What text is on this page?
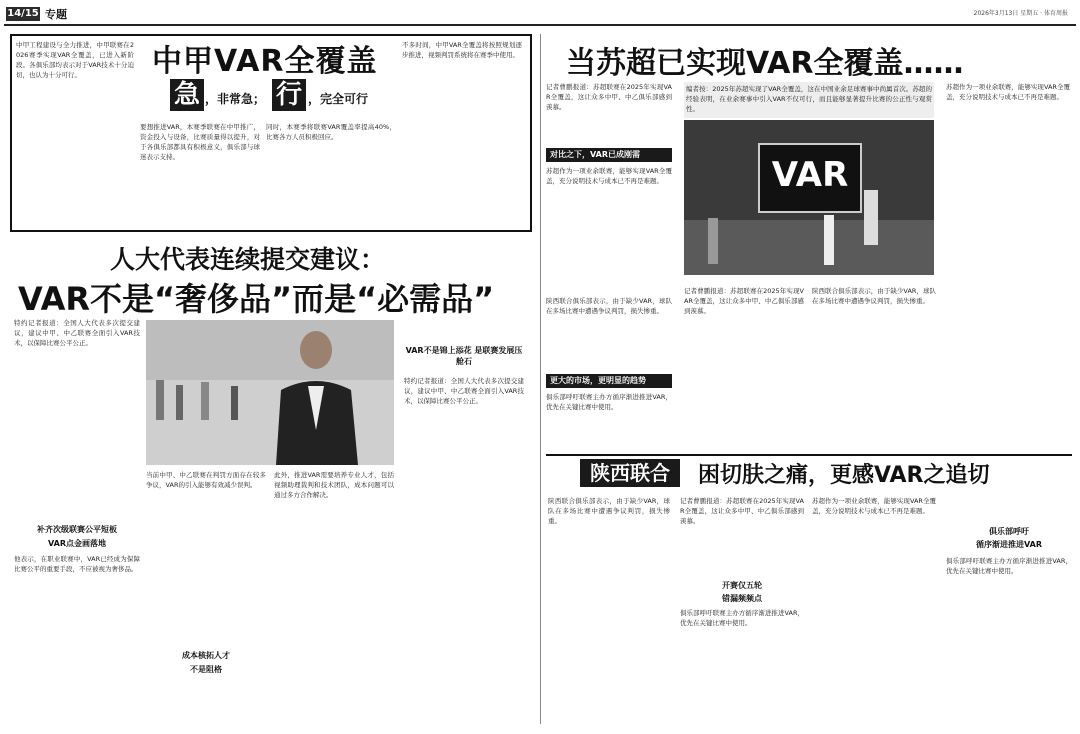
14/15 专题	2026年3月13日 星期五 · 体育周报
中甲工程建设与全力推进，中甲联赛在2026赛季实现VAR全覆盖，已进入新阶段。各俱乐部均表示对于VAR技术十分迫切，也认为十分可行。	中甲VAR全覆盖
急 ，非常急； 行 ，完全可行
要想推进VAR，本赛季联赛在中甲推广，资金投入与设备，比赛质量得以提升，对于各俱乐部都具有积极意义，俱乐部与球迷表示支持。
同时，本赛季将联赛VAR覆盖率提高40%，比赛各方人员积极回应。
不多时间，中甲VAR全覆盖将按照规划逐步推进，视频判罚系统将在赛季中使用。
人大代表连续提交建议：
VAR不是“奢侈品”而是“必需品”
特约记者报道：全国人大代表多次提交建议，建议中甲、中乙联赛全面引入VAR技术，以保障比赛公平公正。
补齐次级联赛公平短板
VAR点金画落地
他表示，在职业联赛中，VAR已经成为保障比赛公平的重要手段，不应被视为奢侈品。
当前中甲、中乙联赛在判罚方面存在较多争议，VAR的引入能够有效减少误判。
成本核拓人才
不是阻格
此外，推进VAR需要培养专业人才，包括视频助理裁判和技术团队，成本问题可以通过多方合作解决。
VAR不是锦上添花 是联赛发展压舱石
特约记者报道：全国人大代表多次提交建议，建议中甲、中乙联赛全面引入VAR技术，以保障比赛公平公正。
当苏超已实现VAR全覆盖……
记者曹鹏报道：苏超联赛在2025年实现VAR全覆盖，这让众多中甲、中乙俱乐部感到羡慕。
对比之下，VAR已成刚需
苏超作为一项业余联赛，能够实现VAR全覆盖，充分说明技术与成本已不再是难题。
编者按：2025年苏超实现了VAR全覆盖，这在中国业余足球赛事中尚属首次。苏超的经验表明，在业余赛事中引入VAR不仅可行，而且能够显著提升比赛的公正性与观赏性。
VAR
苏超作为一项业余联赛，能够实现VAR全覆盖，充分说明技术与成本已不再是难题。
陕西联合俱乐部表示，由于缺少VAR，球队在多场比赛中遭遇争议判罚，损失惨重。
更大的市场，更明显的趋势
俱乐部呼吁联赛主办方循序渐进推进VAR，优先在关键比赛中使用。
记者曹鹏报道：苏超联赛在2025年实现VAR全覆盖，这让众多中甲、中乙俱乐部感到羡慕。
陕西联合俱乐部表示，由于缺少VAR，球队在多场比赛中遭遇争议判罚，损失惨重。
陕西联合	困切肤之痛，更感VAR之追切
陕西联合俱乐部表示，由于缺少VAR，球队在多场比赛中遭遇争议判罚，损失惨重。
记者曹鹏报道：苏超联赛在2025年实现VAR全覆盖，这让众多中甲、中乙俱乐部感到羡慕。
开赛仅五轮
错漏频频点
俱乐部呼吁联赛主办方循序渐进推进VAR，优先在关键比赛中使用。
苏超作为一项业余联赛，能够实现VAR全覆盖，充分说明技术与成本已不再是难题。
俱乐部呼吁
循序渐进推进VAR
俱乐部呼吁联赛主办方循序渐进推进VAR，优先在关键比赛中使用。
